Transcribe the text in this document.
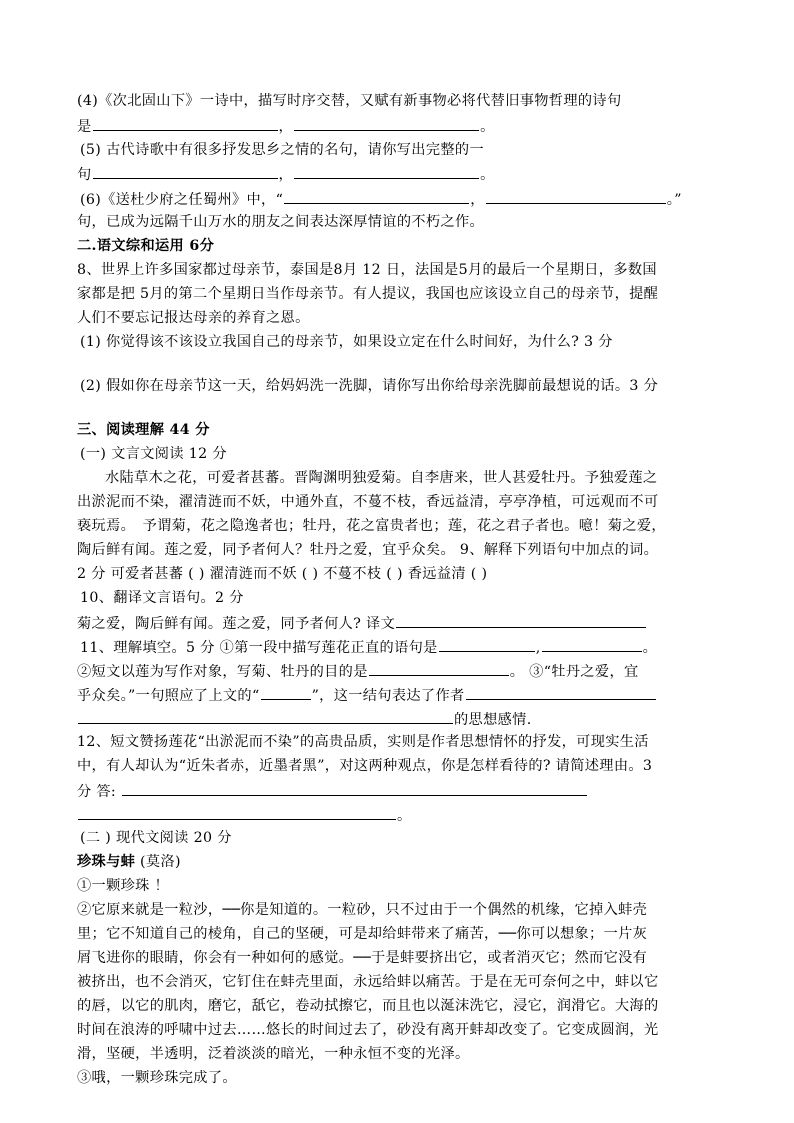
(4)《次北固山下》一诗中，描写时序交替，又赋有新事物必将代替旧事物哲理的诗句
是	，	。
(5) 古代诗歌中有很多抒发思乡之情的名句，请你写出完整的一
句	，	。
(6)《送杜少府之任蜀州》中，“	，	。”
句，已成为远隔千山万水的朋友之间表达深厚情谊的不朽之作。
二.语文综和运用 6分
8、世界上许多国家都过母亲节，泰国是8月 12 日，法国是5月的最后一个星期日，多数国
家都是把 5月的第二个星期日当作母亲节。有人提议，我国也应该设立自己的母亲节，提醒
人们不要忘记报达母亲的养育之恩。
(1) 你觉得该不该设立我国自己的母亲节，如果设立定在什么时间好，为什么? 3 分
(2) 假如你在母亲节这一天，给妈妈洗一洗脚，请你写出你给母亲洗脚前最想说的话。3 分
三、阅读理解 44 分
(一) 文言文阅读 12 分
水陆草木之花，可爱者甚蕃。晋陶渊明独爱菊。自李唐来，世人甚爱牡丹。予独爱莲之
出淤泥而不染，濯清涟而不妖，中通外直，不蔓不枝，香远益清，亭亭净植，可远观而不可
亵玩焉。　予谓菊，花之隐逸者也；牡丹，花之富贵者也；莲，花之君子者也。噫！菊之爱，
陶后鲜有闻。莲之爱，同予者何人？牡丹之爱，宜乎众矣。 9、解释下列语句中加点的词。
2 分 可爱者甚蕃 ( ) 濯清涟而不妖 ( ) 不蔓不枝 ( ) 香远益清 ( )
10、翻译文言语句。2 分
菊之爱，陶后鲜有闻。莲之爱，同予者何人? 译文
11、理解填空。5 分 ①第一段中描写莲花正直的语句是	,	。
②短文以莲为写作对象，写菊、牡丹的目的是	。 ③“牡丹之爱，宜
乎众矣。”一句照应了上文的“	”，这一结句表达了作者
的思想感情.
12、短文赞扬莲花“出淤泥而不染”的高贵品质，实则是作者思想情怀的抒发，可现实生活
中，有人却认为“近朱者赤，近墨者黑”，对这两种观点，你是怎样看待的? 请简述理由。3
分 答:
。
(二 ) 现代文阅读 20 分
珍珠与蚌 (莫洛)
①一颗珍珠 ！
②它原来就是一粒沙，──你是知道的。一粒砂，只不过由于一个偶然的机缘，它掉入蚌壳
里；它不知道自己的棱角，自己的坚硬，可是却给蚌带来了痛苦，──你可以想象；一片灰
屑飞进你的眼睛，你会有一种如何的感觉。──于是蚌要挤出它，或者消灭它；然而它没有
被挤出，也不会消灭，它钉住在蚌壳里面，永远给蚌以痛苦。于是在无可奈何之中，蚌以它
的唇，以它的肌肉，磨它，舐它，卷动拭擦它，而且也以涎沫洗它，浸它，润滑它。大海的
时间在浪涛的呼啸中过去……悠长的时间过去了，砂没有离开蚌却改变了。它变成圆润，光
滑，坚硬，半透明，泛着淡淡的暗光，一种永恒不变的光泽。
③哦，一颗珍珠完成了。
